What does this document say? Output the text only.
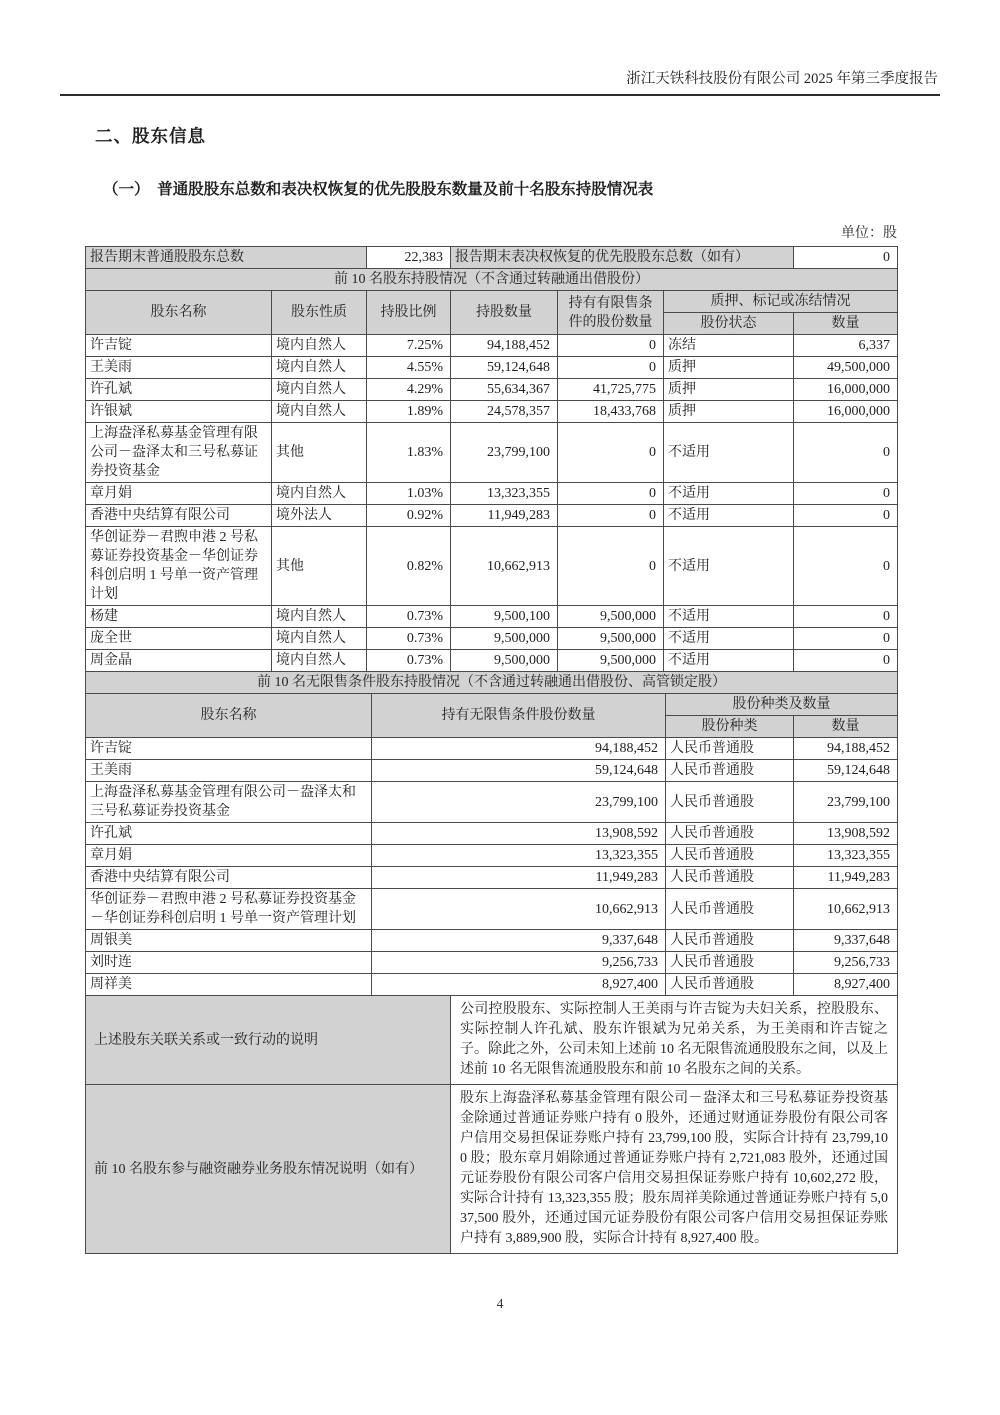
浙江天铁科技股份有限公司 2025 年第三季度报告
二、股东信息
（一）　普通股股东总数和表决权恢复的优先股股东数量及前十名股东持股情况表
单位：股
报告期末普通股股东总数		22,383	报告期末表决权恢复的优先股股东总数（如有）			0
前 10 名股东持股情况（不含通过转融通出借股份）						
股东名称	股东性质	持股比例	持股数量	持有有限售条件的股份数量	质押、标记或冻结情况	
					股份状态	数量
许吉锭	境内自然人	7.25%	94,188,452	0	冻结	6,337
王美雨	境内自然人	4.55%	59,124,648	0	质押	49,500,000
许孔斌	境内自然人	4.29%	55,634,367	41,725,775	质押	16,000,000
许银斌	境内自然人	1.89%	24,578,357	18,433,768	质押	16,000,000
上海盎泽私募基金管理有限公司－盎泽太和三号私募证券投资基金	其他	1.83%	23,799,100	0	不适用	0
章月娟	境内自然人	1.03%	13,323,355	0	不适用	0
香港中央结算有限公司	境外法人	0.92%	11,949,283	0	不适用	0
华创证券－君煦申港 2 号私募证券投资基金－华创证券科创启明 1 号单一资产管理计划	其他	0.82%	10,662,913	0	不适用	0
杨建	境内自然人	0.73%	9,500,100	9,500,000	不适用	0
庞全世	境内自然人	0.73%	9,500,000	9,500,000	不适用	0
周金晶	境内自然人	0.73%	9,500,000	9,500,000	不适用	0
前 10 名无限售条件股东持股情况（不含通过转融通出借股份、高管锁定股）			
股东名称	持有无限售条件股份数量	股份种类及数量	
		股份种类	数量
许吉锭	94,188,452	人民币普通股	94,188,452
王美雨	59,124,648	人民币普通股	59,124,648
上海盎泽私募基金管理有限公司－盎泽太和三号私募证券投资基金	23,799,100	人民币普通股	23,799,100
许孔斌	13,908,592	人民币普通股	13,908,592
章月娟	13,323,355	人民币普通股	13,323,355
香港中央结算有限公司	11,949,283	人民币普通股	11,949,283
华创证券－君煦申港 2 号私募证券投资基金－华创证券科创启明 1 号单一资产管理计划	10,662,913	人民币普通股	10,662,913
周银美	9,337,648	人民币普通股	9,337,648
刘时连	9,256,733	人民币普通股	9,256,733
周祥美	8,927,400	人民币普通股	8,927,400
上述股东关联关系或一致行动的说明	公司控股股东、实际控制人王美雨与许吉锭为夫妇关系，控股股东、实际控制人许孔斌、股东许银斌为兄弟关系，为王美雨和许吉锭之子。除此之外，公司未知上述前 10 名无限售流通股股东之间，以及上述前 10 名无限售流通股股东和前 10 名股东之间的关系。
前 10 名股东参与融资融券业务股东情况说明（如有）	股东上海盎泽私募基金管理有限公司－盎泽太和三号私募证券投资基金除通过普通证券账户持有 0 股外，还通过财通证券股份有限公司客户信用交易担保证券账户持有 23,799,100 股，实际合计持有 23,799,100 股；股东章月娟除通过普通证券账户持有 2,721,083 股外，还通过国元证券股份有限公司客户信用交易担保证券账户持有 10,602,272 股，实际合计持有 13,323,355 股；股东周祥美除通过普通证券账户持有 5,037,500 股外，还通过国元证券股份有限公司客户信用交易担保证券账户持有 3,889,900 股，实际合计持有 8,927,400 股。
4
